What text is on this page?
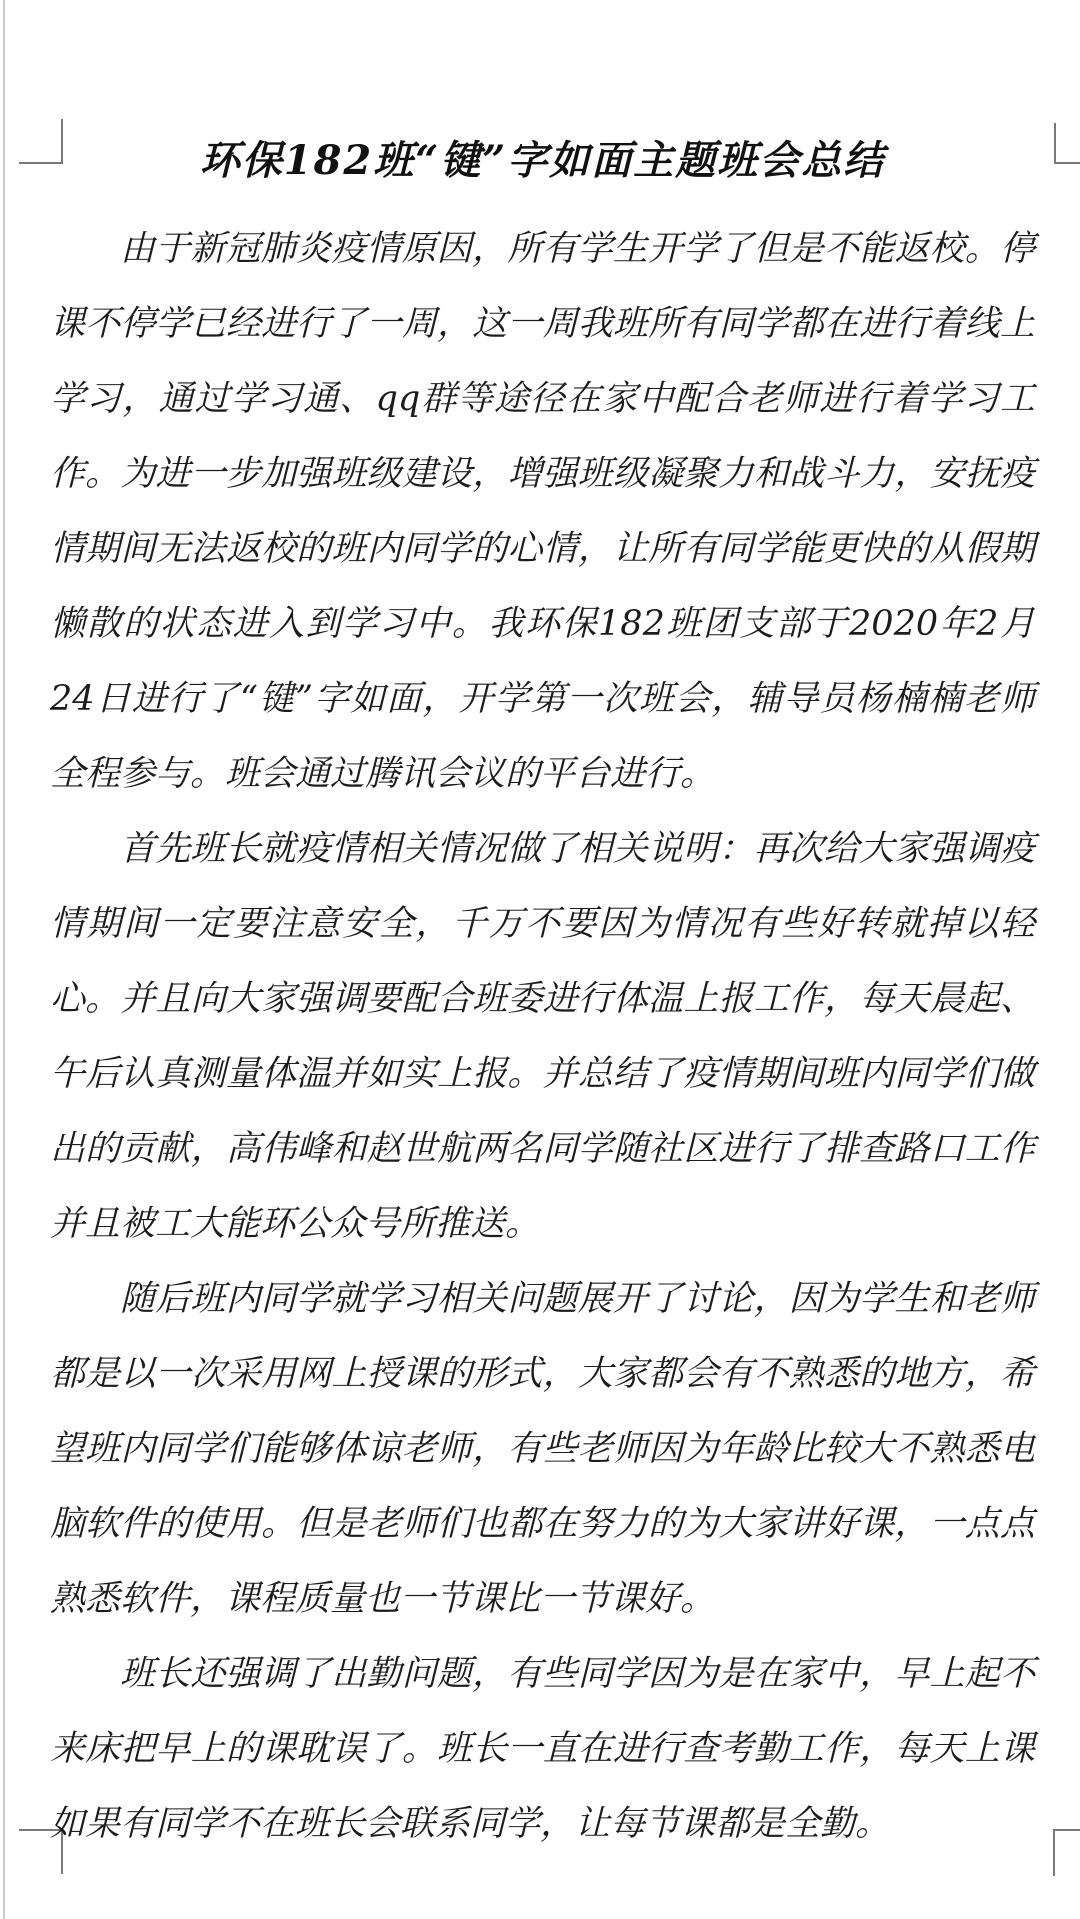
环保182班“键”字如面主题班会总结

由于新冠肺炎疫情原因，所有学生开学了但是不能返校。停课不停学已经进行了一周，这一周我班所有同学都在进行着线上学习，通过学习通、qq群等途径在家中配合老师进行着学习工作。为进一步加强班级建设，增强班级凝聚力和战斗力，安抚疫情期间无法返校的班内同学的心情，让所有同学能更快的从假期懒散的状态进入到学习中。我环保182班团支部于2020年2月24日进行了“键”字如面，开学第一次班会，辅导员杨楠楠老师全程参与。班会通过腾讯会议的平台进行。

首先班长就疫情相关情况做了相关说明：再次给大家强调疫情期间一定要注意安全，千万不要因为情况有些好转就掉以轻心。并且向大家强调要配合班委进行体温上报工作，每天晨起、午后认真测量体温并如实上报。并总结了疫情期间班内同学们做出的贡献，高伟峰和赵世航两名同学随社区进行了排查路口工作并且被工大能环公众号所推送。

随后班内同学就学习相关问题展开了讨论，因为学生和老师都是以一次采用网上授课的形式，大家都会有不熟悉的地方，希望班内同学们能够体谅老师，有些老师因为年龄比较大不熟悉电脑软件的使用。但是老师们也都在努力的为大家讲好课，一点点熟悉软件，课程质量也一节课比一节课好。

班长还强调了出勤问题，有些同学因为是在家中，早上起不来床把早上的课耽误了。班长一直在进行查考勤工作，每天上课如果有同学不在班长会联系同学，让每节课都是全勤。
